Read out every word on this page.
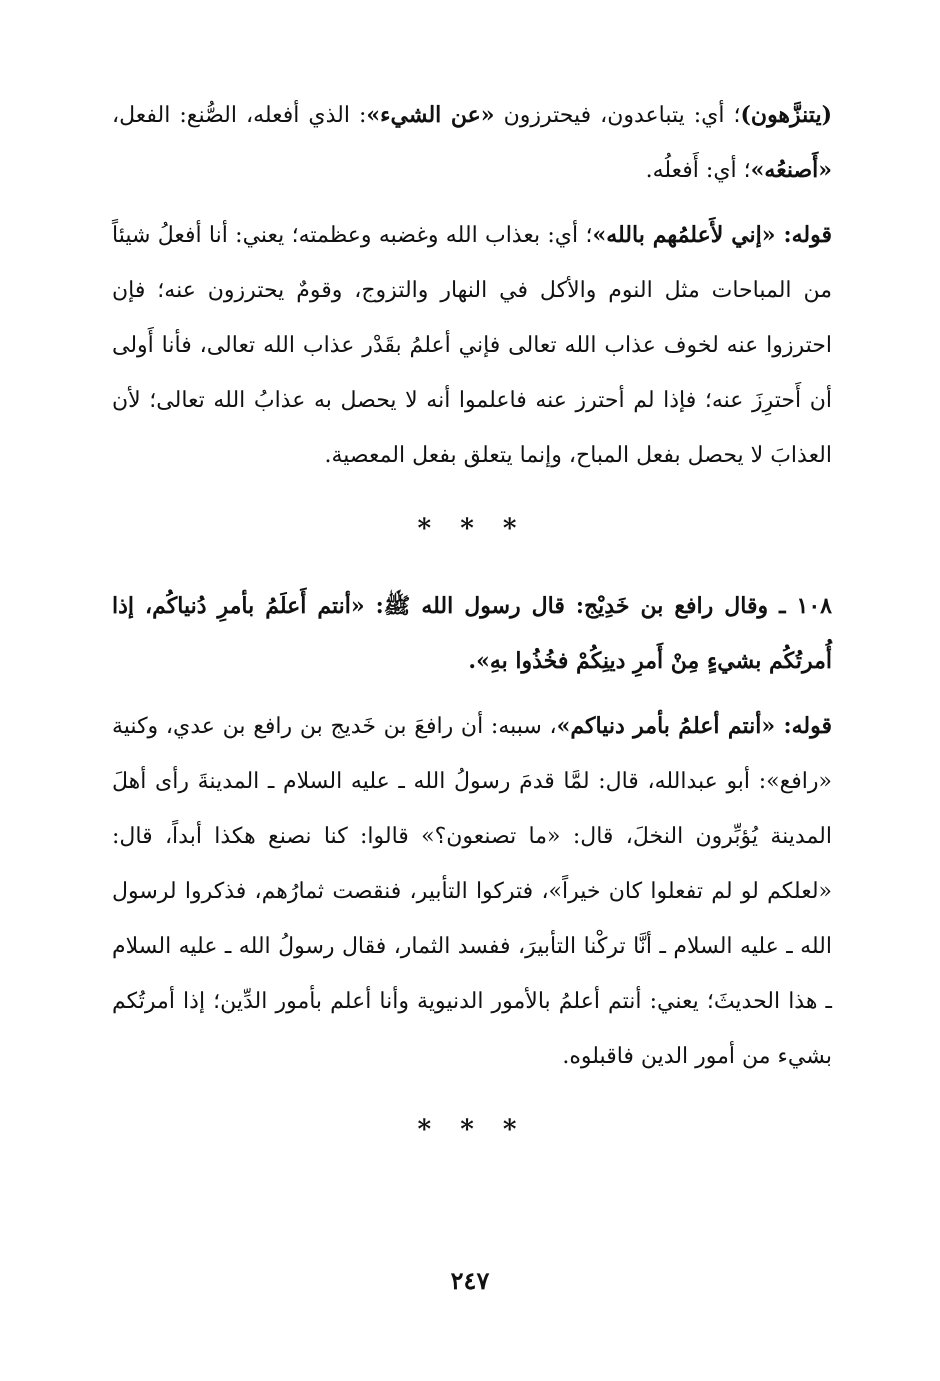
(يتنزَّهون)؛ أي: يتباعدون، فيحترزون «عن الشيء»: الذي أفعله، الصُّنع: الفعل، «أَصنعُه»؛ أي: أَفعلُه.

قوله: «إني لأَعلمُهم بالله»؛ أي: بعذاب الله وغضبه وعظمته؛ يعني: أنا أفعلُ شيئاً من المباحات مثل النوم والأكل في النهار والتزوج، وقومٌ يحترزون عنه؛ فإن احترزوا عنه لخوف عذاب الله تعالى فإني أعلمُ بقَدْر عذاب الله تعالى، فأنا أَولى أن أَحترِزَ عنه؛ فإذا لم أحترز عنه فاعلموا أنه لا يحصل به عذابُ الله تعالى؛ لأن العذابَ لا يحصل بفعل المباح، وإنما يتعلق بفعل المعصية.

* * *

١٠٨ ـ وقال رافع بن خَدِيْج: قال رسول الله ﷺ: «أنتم أَعلَمُ بأمرِ دُنياكُم، إذا أُمرتُكُم بشيءٍ مِنْ أَمرِ دينِكُمْ فخُذُوا بهِ».

قوله: «أنتم أعلمُ بأمر دنياكم»، سببه: أن رافعَ بن خَديج بن رافع بن عدي، وكنية «رافع»: أبو عبدالله، قال: لمَّا قدمَ رسولُ الله ـ عليه السلام ـ المدينةَ رأى أهلَ المدينة يُؤبِّرون النخلَ، قال: «ما تصنعون؟» قالوا: كنا نصنع هكذا أبداً، قال: «لعلكم لو لم تفعلوا كان خيراً»، فتركوا التأبير، فنقصت ثمارُهم، فذكروا لرسول الله ـ عليه السلام ـ أنَّا تركْنا التأبيرَ، ففسد الثمار، فقال رسولُ الله ـ عليه السلام ـ هذا الحديثَ؛ يعني: أنتم أعلمُ بالأمور الدنيوية وأنا أعلم بأمور الدِّين؛ إذا أمرتُكم بشيء من أمور الدين فاقبلوه.

* * *
٢٤٧
